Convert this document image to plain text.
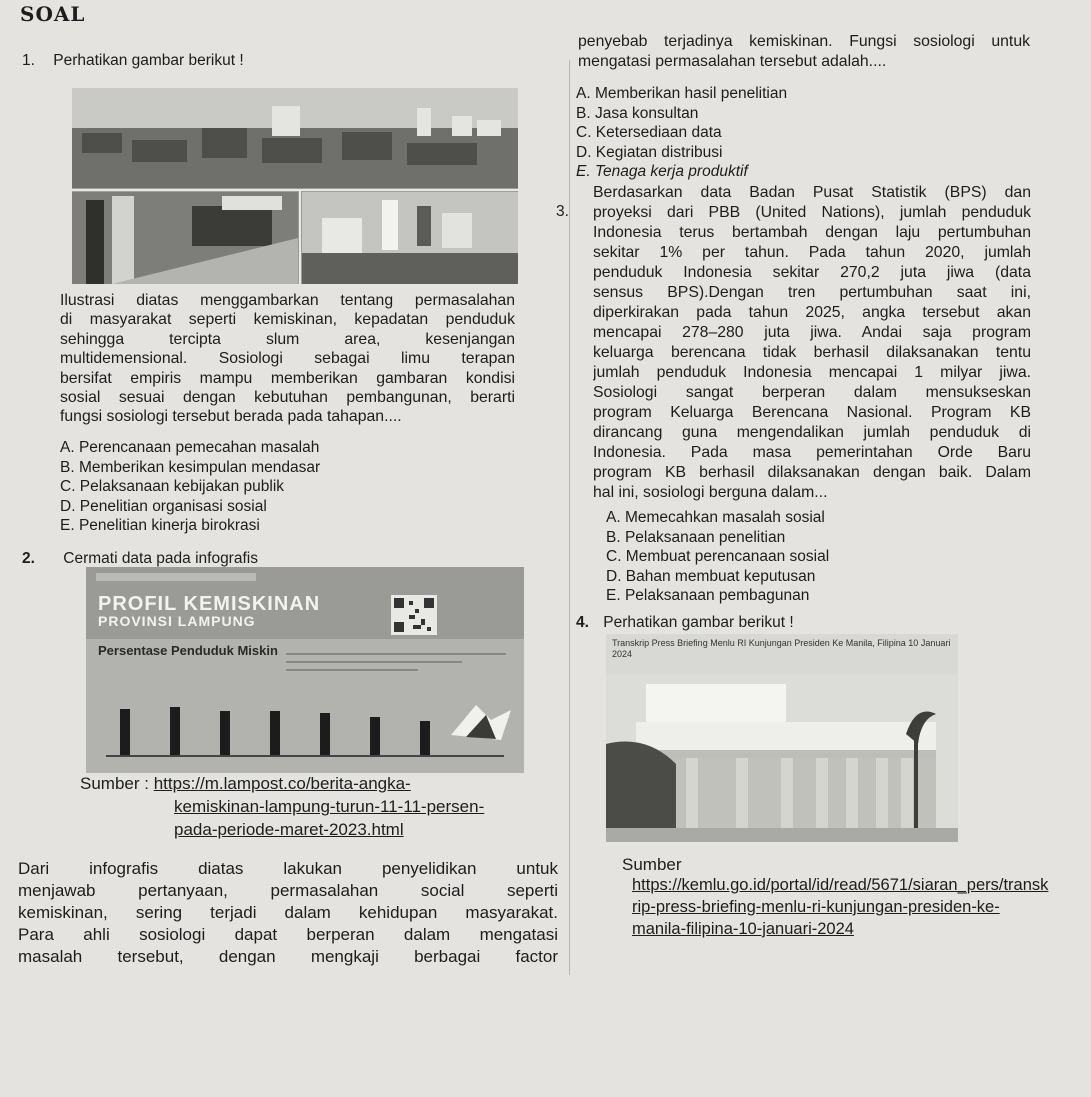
SOAL
1. Perhatikan gambar berikut !
Ilustrasi diatas menggambarkan tentang permasalahan
di masyarakat seperti kemiskinan, kepadatan penduduk
sehingga tercipta slum area, kesenjangan
multidemensional. Sosiologi sebagai limu terapan
bersifat empiris mampu memberikan gambaran kondisi
sosial sesuai dengan kebutuhan pembangunan, berarti
fungsi sosiologi tersebut berada pada tahapan....
A. Perencanaan pemecahan masalah
B. Memberikan kesimpulan mendasar
C. Pelaksanaan kebijakan publik
D. Penelitian organisasi sosial
E. Penelitian kinerja birokrasi
2. Cermati data pada infografis
PROFIL KEMISKINAN
PROVINSI LAMPUNG
Persentase Penduduk Miskin
Sumber : https://m.lampost.co/berita-angka-
kemiskinan-lampung-turun-11-11-persen-
pada-periode-maret-2023.html
Dari infografis diatas lakukan penyelidikan untuk
menjawab pertanyaan, permasalahan social seperti
kemiskinan, sering terjadi dalam kehidupan masyarakat.
Para ahli sosiologi dapat berperan dalam mengatasi
masalah tersebut, dengan mengkaji berbagai factor
penyebab terjadinya kemiskinan. Fungsi sosiologi untuk
mengatasi permasalahan tersebut adalah....
A. Memberikan hasil penelitian
B. Jasa konsultan
C. Ketersediaan data
D. Kegiatan distribusi
E. Tenaga kerja produktif
3.
Berdasarkan data Badan Pusat Statistik (BPS) dan
proyeksi dari PBB (United Nations), jumlah penduduk
Indonesia terus bertambah dengan laju pertumbuhan
sekitar 1% per tahun. Pada tahun 2020, jumlah
penduduk Indonesia sekitar 270,2 juta jiwa (data
sensus BPS).Dengan tren pertumbuhan saat ini,
diperkirakan pada tahun 2025, angka tersebut akan
mencapai 278–280 juta jiwa. Andai saja program
keluarga berencana tidak berhasil dilaksanakan tentu
jumlah penduduk Indonesia mencapai 1 milyar jiwa.
Sosiologi sangat berperan dalam mensukseskan
program Keluarga Berencana Nasional. Program KB
dirancang guna mengendalikan jumlah penduduk di
Indonesia. Pada masa pemerintahan Orde Baru
program KB berhasil dilaksanakan dengan baik. Dalam
hal ini, sosiologi berguna dalam...
A. Memecahkan masalah sosial
B. Pelaksanaan penelitian
C. Membuat perencanaan sosial
D. Bahan membuat keputusan
E. Pelaksanaan pembagunan
4. Perhatikan gambar berikut !
Transkrip Press Briefing Menlu RI Kunjungan Presiden Ke Manila, Filipina 10 Januari 2024
Sumber
https://kemlu.go.id/portal/id/read/5671/siaran_pers/transk
rip-press-briefing-menlu-ri-kunjungan-presiden-ke-
manila-filipina-10-januari-2024
